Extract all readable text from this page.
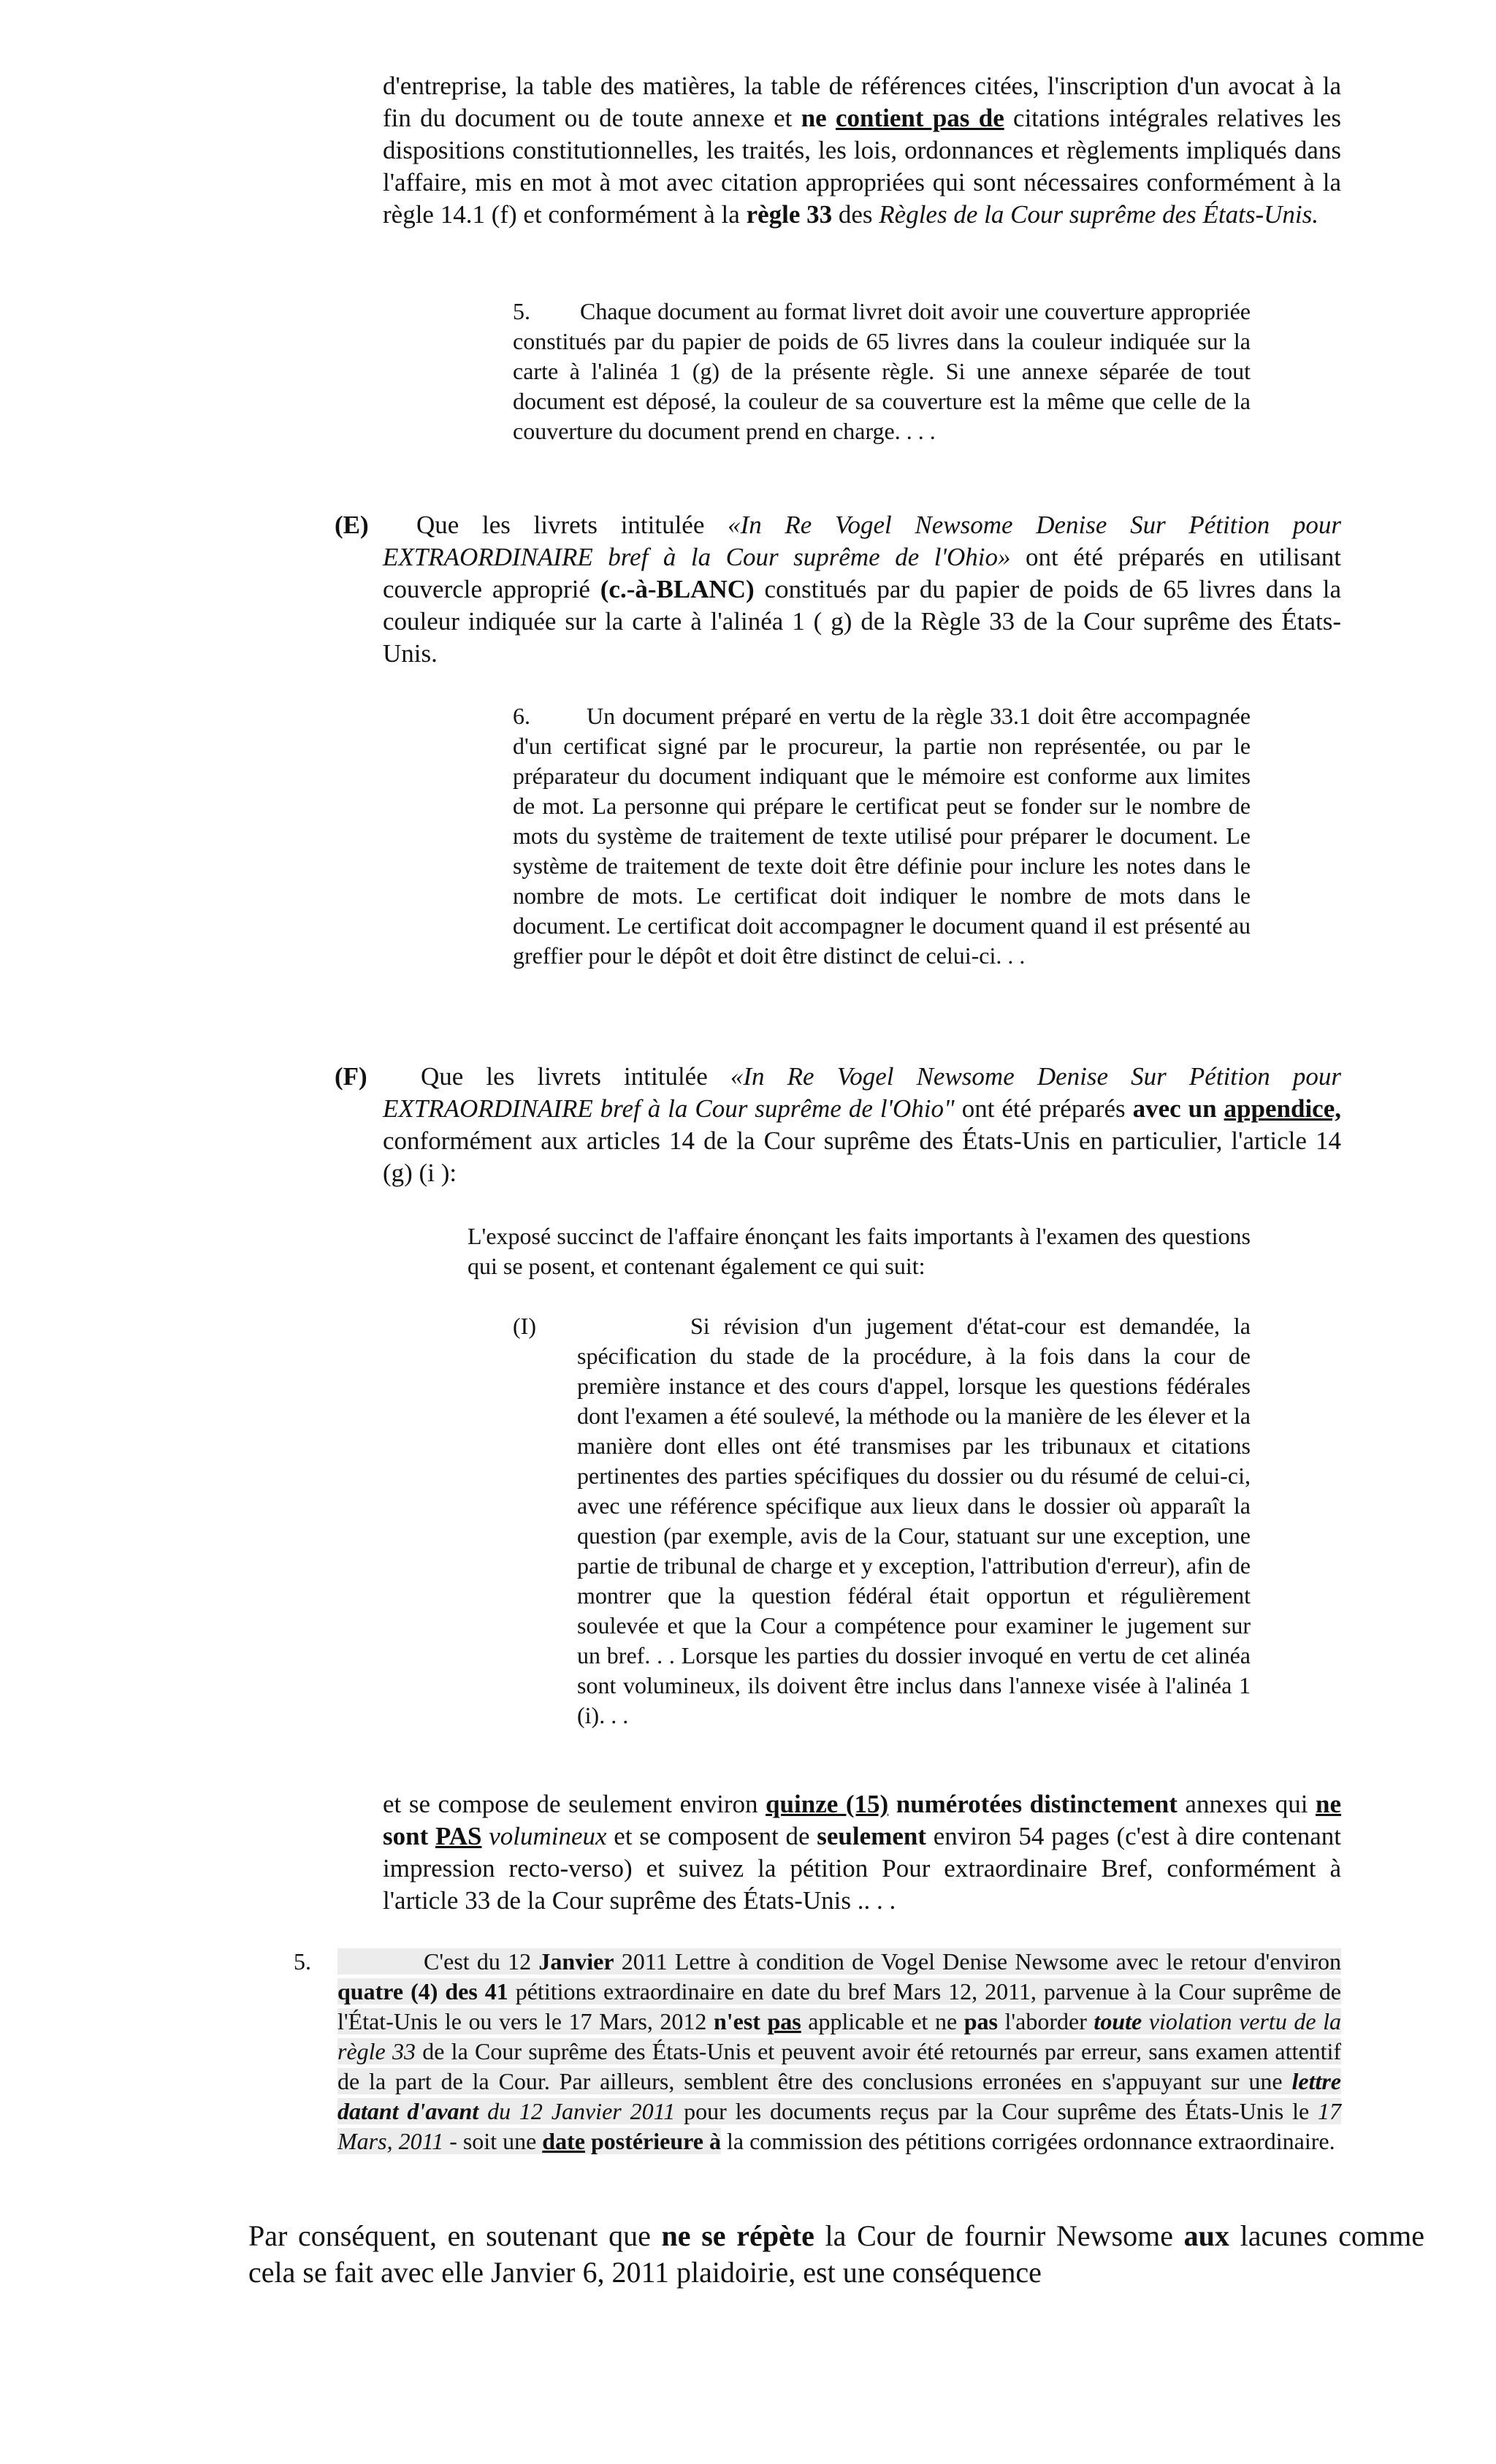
d'entreprise, la table des matières, la table de références citées, l'inscription d'un avocat à la fin du document ou de toute annexe et ne contient pas de citations intégrales relatives les dispositions constitutionnelles, les traités, les lois, ordonnances et règlements impliqués dans l'affaire, mis en mot à mot avec citation appropriées qui sont nécessaires conformément à la règle 14.1 (f) et conformément à la règle 33 des Règles de la Cour suprême des États-Unis.
5. Chaque document au format livret doit avoir une couverture appropriée constitués par du papier de poids de 65 livres dans la couleur indiquée sur la carte à l'alinéa 1 (g) de la présente règle. Si une annexe séparée de tout document est déposé, la couleur de sa couverture est la même que celle de la couverture du document prend en charge. . . .
(E) Que les livrets intitulée «In Re Vogel Newsome Denise Sur Pétition pour EXTRAORDINAIRE bref à la Cour suprême de l'Ohio» ont été préparés en utilisant couvercle approprié (c.-à-BLANC) constitués par du papier de poids de 65 livres dans la couleur indiquée sur la carte à l'alinéa 1 ( g) de la Règle 33 de la Cour suprême des États-Unis.
6. Un document préparé en vertu de la règle 33.1 doit être accompagnée d'un certificat signé par le procureur, la partie non représentée, ou par le préparateur du document indiquant que le mémoire est conforme aux limites de mot. La personne qui prépare le certificat peut se fonder sur le nombre de mots du système de traitement de texte utilisé pour préparer le document. Le système de traitement de texte doit être définie pour inclure les notes dans le nombre de mots. Le certificat doit indiquer le nombre de mots dans le document. Le certificat doit accompagner le document quand il est présenté au greffier pour le dépôt et doit être distinct de celui-ci. . .
(F) Que les livrets intitulée «In Re Vogel Newsome Denise Sur Pétition pour EXTRAORDINAIRE bref à la Cour suprême de l'Ohio" ont été préparés avec un appendice, conformément aux articles 14 de la Cour suprême des États-Unis en particulier, l'article 14 (g) (i ):
L'exposé succinct de l'affaire énonçant les faits importants à l'examen des questions qui se posent, et contenant également ce qui suit:
(I)	Si révision d'un jugement d'état-cour est demandée, la spécification du stade de la procédure, à la fois dans la cour de première instance et des cours d'appel, lorsque les questions fédérales dont l'examen a été soulevé, la méthode ou la manière de les élever et la manière dont elles ont été transmises par les tribunaux et citations pertinentes des parties spécifiques du dossier ou du résumé de celui-ci, avec une référence spécifique aux lieux dans le dossier où apparaît la question (par exemple, avis de la Cour, statuant sur une exception, une partie de tribunal de charge et y exception, l'attribution d'erreur), afin de montrer que la question fédéral était opportun et régulièrement soulevée et que la Cour a compétence pour examiner le jugement sur un bref. . . Lorsque les parties du dossier invoqué en vertu de cet alinéa sont volumineux, ils doivent être inclus dans l'annexe visée à l'alinéa 1 (i). . .
et se compose de seulement environ quinze (15) numérotées distinctement annexes qui ne sont PAS volumineux et se composent de seulement environ 54 pages (c'est à dire contenant impression recto-verso) et suivez la pétition Pour extraordinaire Bref, conformément à l'article 33 de la Cour suprême des États-Unis .. . .
5.	C'est du 12 Janvier 2011 Lettre à condition de Vogel Denise Newsome avec le retour d'environ quatre (4) des 41 pétitions extraordinaire en date du bref Mars 12, 2011, parvenue à la Cour suprême de l'État-Unis le ou vers le 17 Mars, 2012 n'est pas applicable et ne pas l'aborder toute violation vertu de la règle 33 de la Cour suprême des États-Unis et peuvent avoir été retournés par erreur, sans examen attentif de la part de la Cour. Par ailleurs, semblent être des conclusions erronées en s'appuyant sur une lettre datant d'avant du 12 Janvier 2011 pour les documents reçus par la Cour suprême des États-Unis le 17 Mars, 2011 - soit une date postérieure à la commission des pétitions corrigées ordonnance extraordinaire.
Par conséquent, en soutenant que ne se répète la Cour de fournir Newsome aux lacunes comme cela se fait avec elle Janvier 6, 2011 plaidoirie, est une conséquence
